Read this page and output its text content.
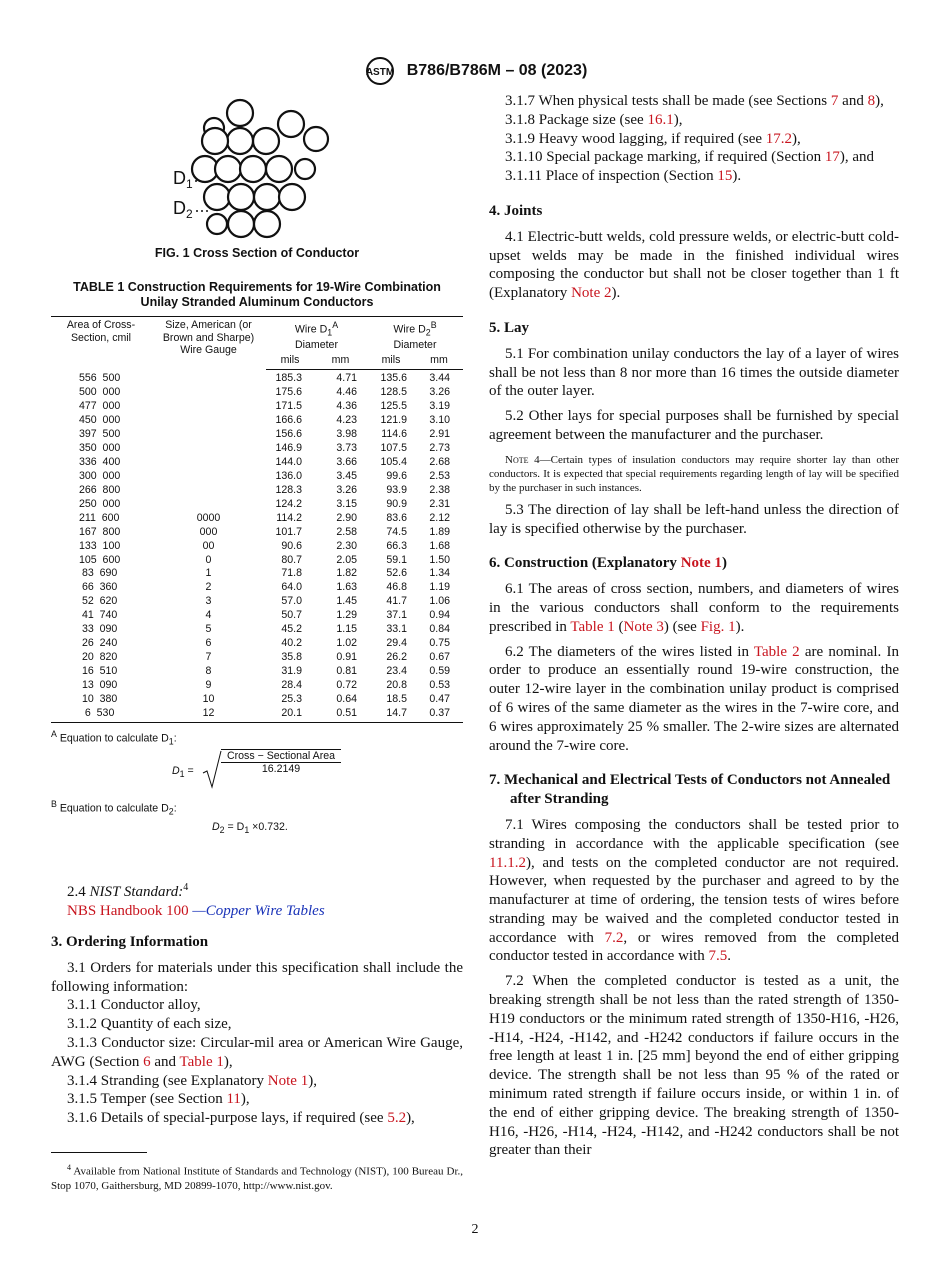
ASTM B786/B786M – 08 (2023)
$D_1$
$D_2$
FIG. 1 Cross Section of Conductor
TABLE 1 Construction Requirements for 19-Wire Combination
Unilay Stranded Aluminum Conductors
Area of Cross-Section, cmil	Size, American (or Brown and Sharpe) Wire Gauge	Wire $D_1^A$
Diameter		Wire $D_2^B$
Diameter	
		mils	mm	mils	mm
556  500		185.3	4.71	135.6	3.44
500  000		175.6	4.46	128.5	3.26
477  000		171.5	4.36	125.5	3.19
450  000		166.6	4.23	121.9	3.10
397  500		156.6	3.98	114.6	2.91
350  000		146.9	3.73	107.5	2.73
336  400		144.0	3.66	105.4	2.68
300  000		136.0	3.45	99.6	2.53
266  800		128.3	3.26	93.9	2.38
250  000		124.2	3.15	90.9	2.31
211  600	0000	114.2	2.90	83.6	2.12
167  800	000	101.7	2.58	74.5	1.89
133  100	00	90.6	2.30	66.3	1.68
105  600	0	80.7	2.05	59.1	1.50
83  690	1	71.8	1.82	52.6	1.34
66  360	2	64.0	1.63	46.8	1.19
52  620	3	57.0	1.45	41.7	1.06
41  740	4	50.7	1.29	37.1	0.94
33  090	5	45.2	1.15	33.1	0.84
26  240	6	40.2	1.02	29.4	0.75
20  820	7	35.8	0.91	26.2	0.67
16  510	8	31.9	0.81	23.4	0.59
13  090	9	28.4	0.72	20.8	0.53
10  380	10	25.3	0.64	18.5	0.47
6  530	12	20.1	0.51	14.7	0.37
$^A$ Equation to calculate $D_1$:
$D_1$ =
Cross − Sectional Area
16.2149
$^B$ Equation to calculate $D_2$:
$D_2 = D_1 \times 0.732$.

2.4 NIST Standard:$^4$

NBS Handbook 100 —Copper Wire Tables

3. Ordering Information

3.1 Orders for materials under this specification shall include the following information:

3.1.1 Conductor alloy,

3.1.2 Quantity of each size,

3.1.3 Conductor size: Circular-mil area or American Wire Gauge, AWG (Section 6 and Table 1),

3.1.4 Stranding (see Explanatory Note 1),

3.1.5 Temper (see Section 11),

3.1.6 Details of special-purpose lays, if required (see 5.2),

$^4$ Available from National Institute of Standards and Technology (NIST), 100 Bureau Dr., Stop 1070, Gaithersburg, MD 20899-1070, http://www.nist.gov.

3.1.7 When physical tests shall be made (see Sections 7 and 8),

3.1.8 Package size (see 16.1),

3.1.9 Heavy wood lagging, if required (see 17.2),

3.1.10 Special package marking, if required (Section 17), and

3.1.11 Place of inspection (Section 15).

4. Joints

4.1 Electric-butt welds, cold pressure welds, or electric-butt cold-upset welds may be made in the finished individual wires composing the conductor but shall not be closer together than 1 ft (Explanatory Note 2).

5. Lay

5.1 For combination unilay conductors the lay of a layer of wires shall be not less than 8 nor more than 16 times the outside diameter of the outer layer.

5.2 Other lays for special purposes shall be furnished by special agreement between the manufacturer and the purchaser.

Note 4—Certain types of insulation conductors may require shorter lay than other conductors. It is expected that special requirements regarding length of lay will be specified by the purchaser in such instances.

5.3 The direction of lay shall be left-hand unless the direction of lay is specified otherwise by the purchaser.

6. Construction (Explanatory Note 1)

6.1 The areas of cross section, numbers, and diameters of wires in the various conductors shall conform to the requirements prescribed in Table 1 (Note 3) (see Fig. 1).

6.2 The diameters of the wires listed in Table 2 are nominal. In order to produce an essentially round 19-wire construction, the outer 12-wire layer in the combination unilay product is comprised of 6 wires of the same diameter as the wires in the 7-wire core, and 6 wires approximately 25 % smaller. The 2-wire sizes are alternated around the 7-wire core.

7. Mechanical and Electrical Tests of Conductors not Annealed after Stranding

7.1 Wires composing the conductors shall be tested prior to stranding in accordance with the applicable specification (see 11.1.2), and tests on the completed conductor are not required. However, when requested by the purchaser and agreed to by the manufacturer at time of ordering, the tension tests of wires before stranding may be waived and the completed conductor tested in accordance with 7.2, or wires removed from the completed conductor tested in accordance with 7.5.

7.2 When the completed conductor is tested as a unit, the breaking strength shall be not less than the rated strength of 1350-H19 conductors or the minimum rated strength of 1350-H16, -H26, -H14, -H24, -H142, and -H242 conductors if failure occurs in the free length at least 1 in. [25 mm] beyond the end of either gripping device. The strength shall be not less than 95 % of the rated or minimum rated strength if failure occurs inside, or within 1 in. of the end of either gripping device. The breaking strength of 1350-H16, -H26, -H14, -H24, -H142, and -H242 conductors shall be not greater than their

2
